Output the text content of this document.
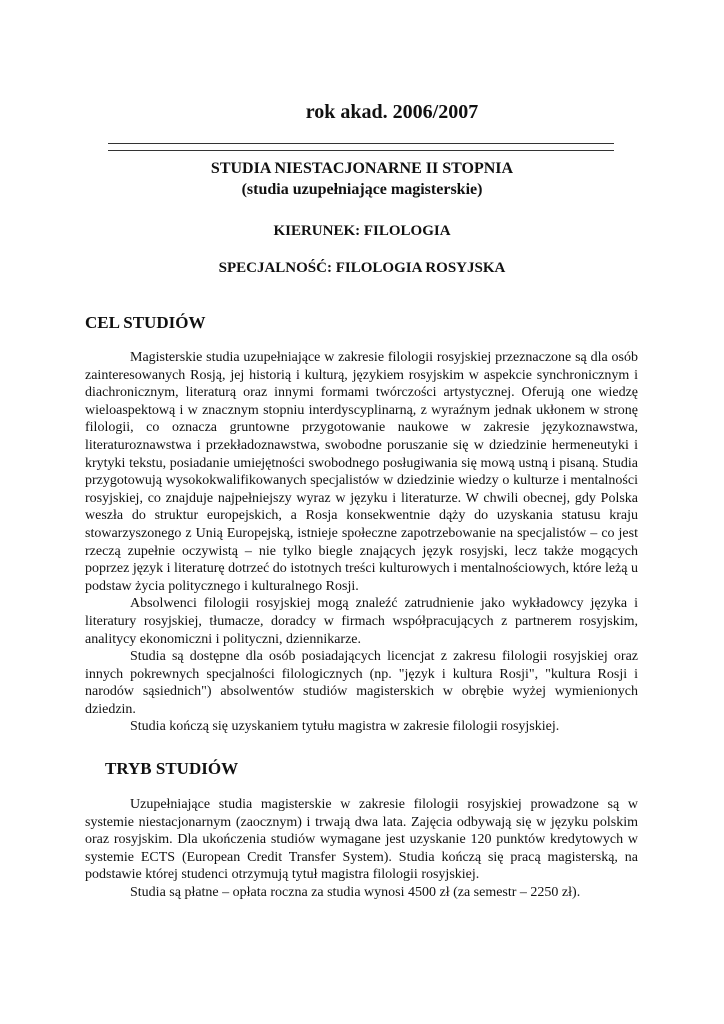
rok akad. 2006/2007
STUDIA NIESTACJONARNE II STOPNIA
(studia uzupełniające magisterskie)
KIERUNEK: FILOLOGIA
SPECJALNOŚĆ: FILOLOGIA ROSYJSKA
CEL STUDIÓW

Magisterskie studia uzupełniające w zakresie filologii rosyjskiej przeznaczone są dla osób zainteresowanych Rosją, jej historią i kulturą, językiem rosyjskim w aspekcie synchronicznym i diachronicznym, literaturą oraz innymi formami twórczości artystycznej. Oferują one wiedzę wieloaspektową i w znacznym stopniu interdyscyplinarną, z wyraźnym jednak ukłonem w stronę filologii, co oznacza gruntowne przygotowanie naukowe w zakresie językoznawstwa, literaturoznawstwa i przekładoznawstwa, swobodne poruszanie się w dziedzinie hermeneutyki i krytyki tekstu, posiadanie umiejętności swobodnego posługiwania się mową ustną i pisaną. Studia przygotowują wysokokwalifikowanych specjalistów w dziedzinie wiedzy o kulturze i mentalności rosyjskiej, co znajduje najpełniejszy wyraz w języku i literaturze. W chwili obecnej, gdy Polska weszła do struktur europejskich, a Rosja konsekwentnie dąży do uzyskania statusu kraju stowarzyszonego z Unią Europejską, istnieje społeczne zapotrzebowanie na specjalistów – co jest rzeczą zupełnie oczywistą – nie tylko biegle znających język rosyjski, lecz także mogących poprzez język i literaturę dotrzeć do istotnych treści kulturowych i mentalnościowych, które leżą u podstaw życia politycznego i kulturalnego Rosji.

Absolwenci filologii rosyjskiej mogą znaleźć zatrudnienie jako wykładowcy języka i literatury rosyjskiej, tłumacze, doradcy w firmach współpracujących z partnerem rosyjskim, analitycy ekonomiczni i polityczni, dziennikarze.

Studia są dostępne dla osób posiadających licencjat z zakresu filologii rosyjskiej oraz innych pokrewnych specjalności filologicznych (np. "język i kultura Rosji", "kultura Rosji i narodów sąsiednich") absolwentów studiów magisterskich w obrębie wyżej wymienionych dziedzin.

Studia kończą się uzyskaniem tytułu magistra w zakresie filologii rosyjskiej.

TRYB STUDIÓW

Uzupełniające studia magisterskie w zakresie filologii rosyjskiej prowadzone są w systemie niestacjonarnym (zaocznym) i trwają dwa lata. Zajęcia odbywają się w języku polskim oraz rosyjskim. Dla ukończenia studiów wymagane jest uzyskanie 120 punktów kredytowych w systemie ECTS (European Credit Transfer System). Studia kończą się pracą magisterską, na podstawie której studenci otrzymują tytuł magistra filologii rosyjskiej.

Studia są płatne – opłata roczna za studia wynosi 4500 zł (za semestr – 2250 zł).
